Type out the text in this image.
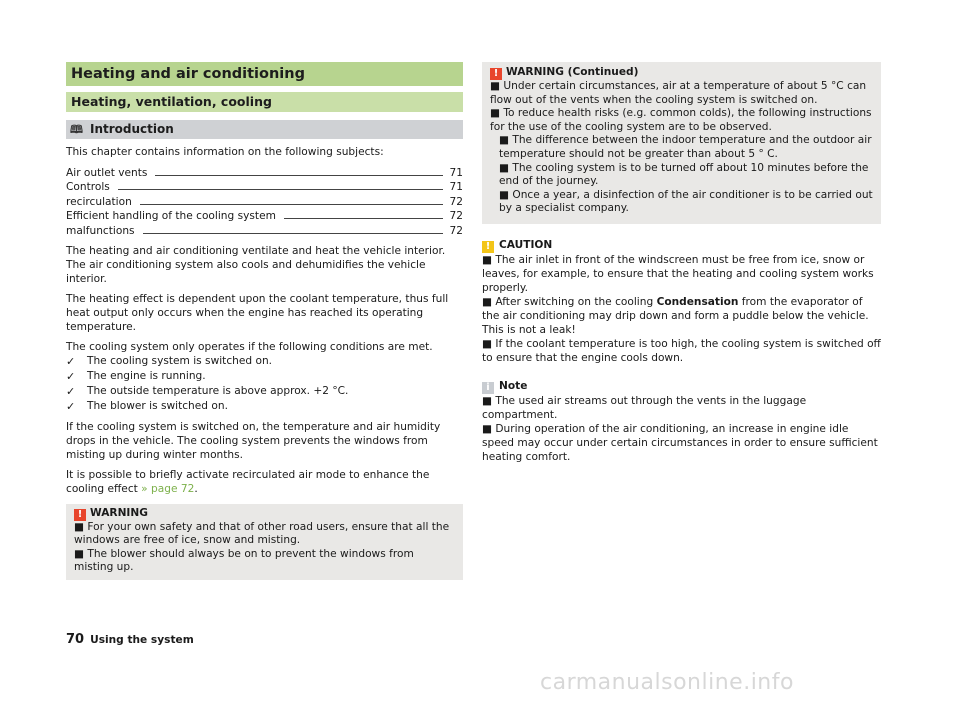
Heating and air conditioning
Heating, ventilation, cooling
🕮 Introduction

This chapter contains information on the following subjects:

Air outlet vents	71
Controls	71
recirculation	72
Efficient handling of the cooling system	72
malfunctions	72

The heating and air conditioning ventilate and heat the vehicle interior. The air conditioning system also cools and dehumidifies the vehicle interior.

The heating effect is dependent upon the coolant temperature, thus full heat output only occurs when the engine has reached its operating temperature.

The cooling system only operates if the following conditions are met.

✓ The cooling system is switched on.
✓ The engine is running.
✓ The outside temperature is above approx. +2 °C.
✓ The blower is switched on.

If the cooling system is switched on, the temperature and air humidity drops in the vehicle. The cooling system prevents the windows from misting up during winter months.

It is possible to briefly activate recirculated air mode to enhance the cooling effect » page 72.

! WARNING

■ For your own safety and that of other road users, ensure that all the windows are free of ice, snow and misting.

■ The blower should always be on to prevent the windows from misting up.

! WARNING (Continued)

■ Under certain circumstances, air at a temperature of about 5 °C can flow out of the vents when the cooling system is switched on.

■ To reduce health risks (e.g. common colds), the following instructions for the use of the cooling system are to be observed.

■ The difference between the indoor temperature and the outdoor air temperature should not be greater than about 5 ° C.

■ The cooling system is to be turned off about 10 minutes before the end of the journey.

■ Once a year, a disinfection of the air conditioner is to be carried out by a specialist company.

! CAUTION

■ The air inlet in front of the windscreen must be free from ice, snow or leaves, for example, to ensure that the heating and cooling system works properly.

■ After switching on the cooling Condensation from the evaporator of the air conditioning may drip down and form a puddle below the vehicle. This is not a leak!

■ If the coolant temperature is too high, the cooling system is switched off to ensure that the engine cools down.

i Note

■ The used air streams out through the vents in the luggage compartment.

■ During operation of the air conditioning, an increase in engine idle speed may occur under certain circumstances in order to ensure sufficient heating comfort.

70 Using the system
carmanualsonline.info
